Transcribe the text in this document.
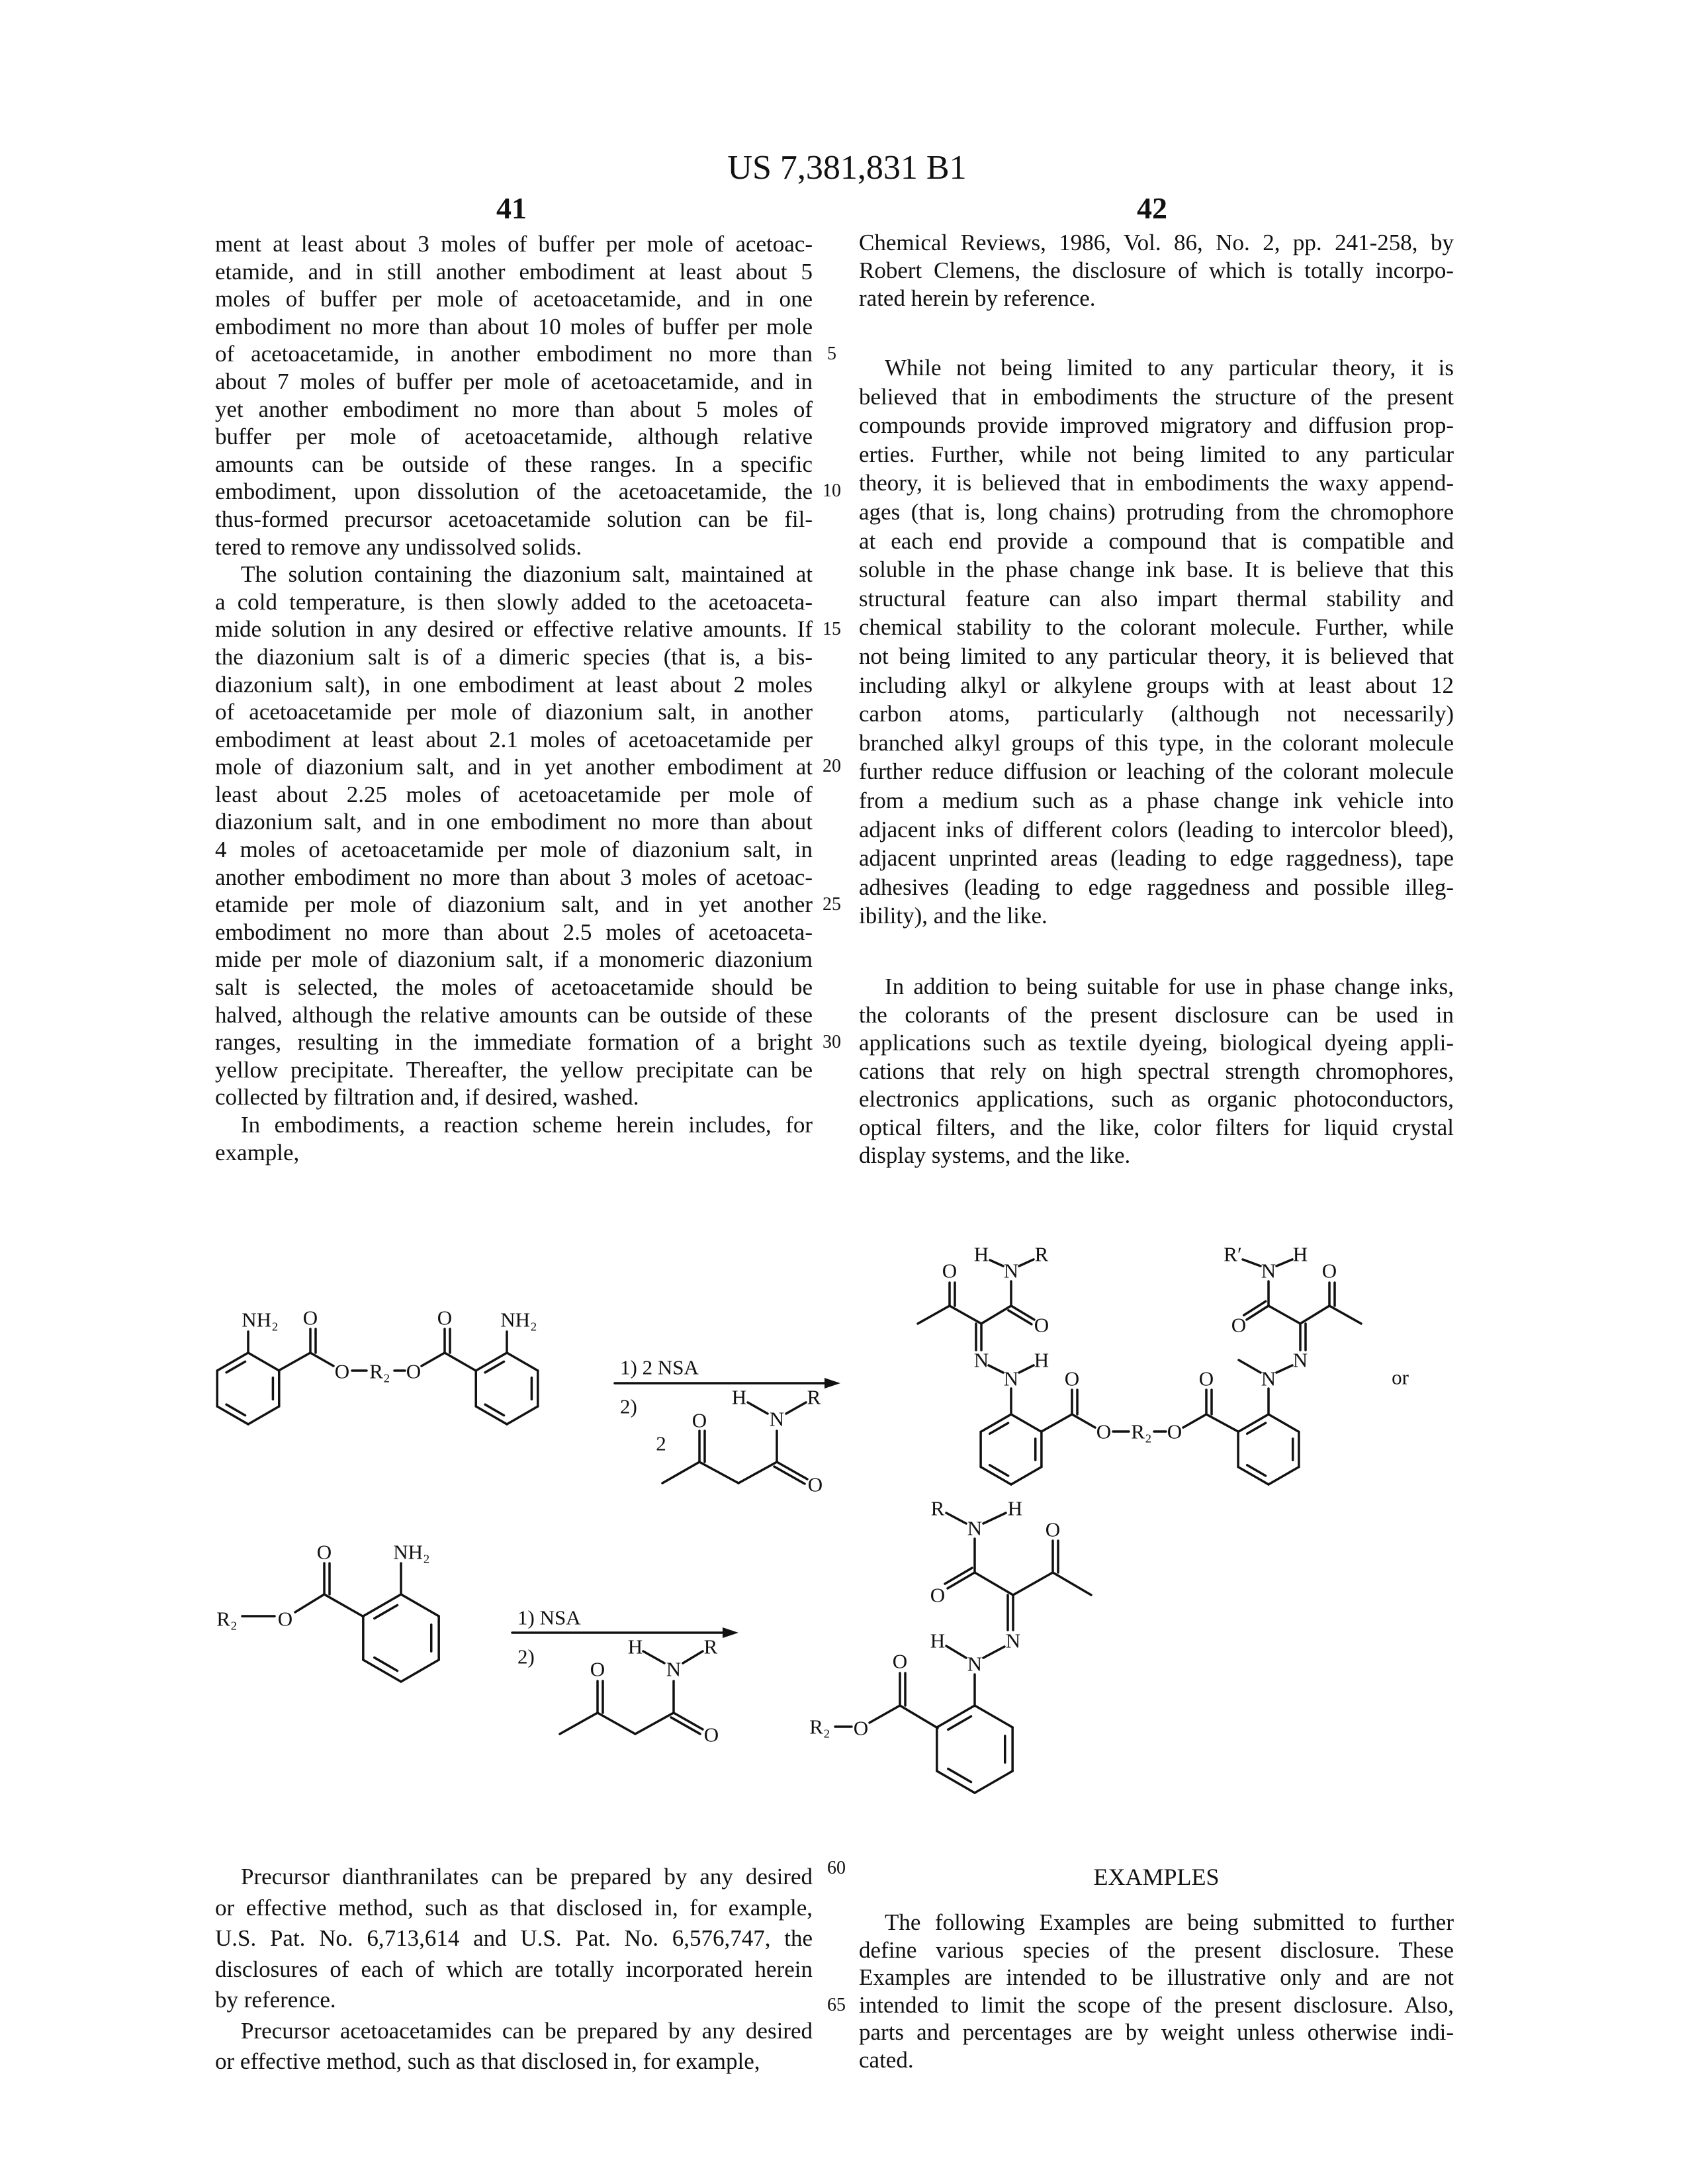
US 7,381,831 B1
41	42
ment at least about 3 moles of buffer per mole of acetoac-
etamide, and in still another embodiment at least about 5
moles of buffer per mole of acetoacetamide, and in one
embodiment no more than about 10 moles of buffer per mole
of acetoacetamide, in another embodiment no more than
about 7 moles of buffer per mole of acetoacetamide, and in
yet another embodiment no more than about 5 moles of
buffer per mole of acetoacetamide, although relative
amounts can be outside of these ranges. In a specific
embodiment, upon dissolution of the acetoacetamide, the
thus-formed precursor acetoacetamide solution can be fil-
tered to remove any undissolved solids.
The solution containing the diazonium salt, maintained at
a cold temperature, is then slowly added to the acetoaceta-
mide solution in any desired or effective relative amounts. If
the diazonium salt is of a dimeric species (that is, a bis-
diazonium salt), in one embodiment at least about 2 moles
of acetoacetamide per mole of diazonium salt, in another
embodiment at least about 2.1 moles of acetoacetamide per
mole of diazonium salt, and in yet another embodiment at
least about 2.25 moles of acetoacetamide per mole of
diazonium salt, and in one embodiment no more than about
4 moles of acetoacetamide per mole of diazonium salt, in
another embodiment no more than about 3 moles of acetoac-
etamide per mole of diazonium salt, and in yet another
embodiment no more than about 2.5 moles of acetoaceta-
mide per mole of diazonium salt, if a monomeric diazonium
salt is selected, the moles of acetoacetamide should be
halved, although the relative amounts can be outside of these
ranges, resulting in the immediate formation of a bright
yellow precipitate. Thereafter, the yellow precipitate can be
collected by filtration and, if desired, washed.
In embodiments, a reaction scheme herein includes, for
example,
Chemical Reviews, 1986, Vol. 86, No. 2, pp. 241-258, by
Robert Clemens, the disclosure of which is totally incorpo-
rated herein by reference.
While not being limited to any particular theory, it is
believed that in embodiments the structure of the present
compounds provide improved migratory and diffusion prop-
erties. Further, while not being limited to any particular
theory, it is believed that in embodiments the waxy append-
ages (that is, long chains) protruding from the chromophore
at each end provide a compound that is compatible and
soluble in the phase change ink base. It is believe that this
structural feature can also impart thermal stability and
chemical stability to the colorant molecule. Further, while
not being limited to any particular theory, it is believed that
including alkyl or alkylene groups with at least about 12
carbon atoms, particularly (although not necessarily)
branched alkyl groups of this type, in the colorant molecule
further reduce diffusion or leaching of the colorant molecule
from a medium such as a phase change ink vehicle into
adjacent inks of different colors (leading to intercolor bleed),
adjacent unprinted areas (leading to edge raggedness), tape
adhesives (leading to edge raggedness and possible illeg-
ibility), and the like.
In addition to being suitable for use in phase change inks,
the colorants of the present disclosure can be used in
applications such as textile dyeing, biological dyeing appli-
cations that rely on high spectral strength chromophores,
electronics applications, such as organic photoconductors,
optical filters, and the like, color filters for liquid crystal
display systems, and the like.
Precursor dianthranilates can be prepared by any desired
or effective method, such as that disclosed in, for example,
U.S. Pat. No. 6,713,614 and U.S. Pat. No. 6,576,747, the
disclosures of each of which are totally incorporated herein
by reference.
Precursor acetoacetamides can be prepared by any desired
or effective method, such as that disclosed in, for example,
EXAMPLES
The following Examples are being submitted to further
define various species of the present disclosure. These
Examples are intended to be illustrative only and are not
intended to limit the scope of the present disclosure. Also,
parts and percentages are by weight unless otherwise indi-
cated.
5
10
15
20
25
30
60
65
NH₂ O
O R₂ O
O NH₂
1) 2 NSA
2)	H	R
N
O
2
O
O N
H R
O
N
N
H
O
O R₂ O
O N
N
O
N
R′ H
O
or
O	NH₂
R₂ O	1) NSA
2)	H	R
N
O
O
R	H
N
O
O
N
H
N
O
O
R₂
